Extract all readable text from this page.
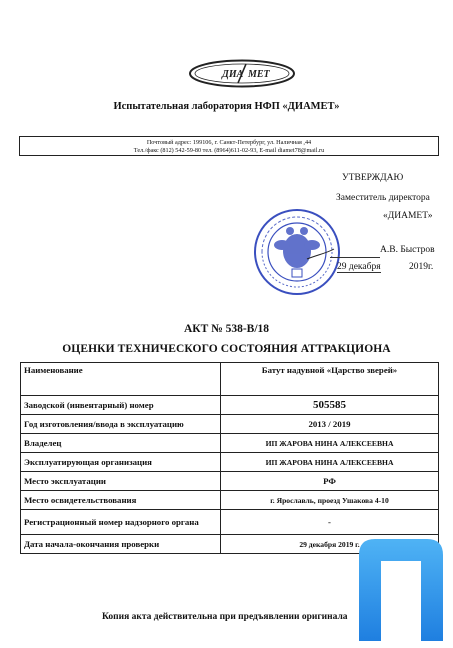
ДИА МЕТ
Испытательная лаборатория НФП «ДИАМЕТ»
Почтовый адрес: 199106, г. Санкт-Петербург, ул. Наличная ,44
Тел./факс (812) 542-59-80 тел. (8964)611-02-93, E-mail diamet78@mail.ru
УТВЕРЖДАЮ
Заместитель директора
«ДИАМЕТ»
А.В. Быстров
29 декабря	2019г.
АКТ № 538-В/18
ОЦЕНКИ ТЕХНИЧЕСКОГО СОСТОЯНИЯ АТТРАКЦИОНА
Наименование	Батут надувной «Царство зверей»
Заводской (инвентарный) номер	505585
Год изготовления/ввода в эксплуатацию	2013 / 2019
Владелец	ИП ЖАРОВА НИНА АЛЕКСЕЕВНА
Эксплуатирующая организация	ИП ЖАРОВА НИНА АЛЕКСЕЕВНА
Место эксплуатации	РФ
Место освидетельствования	г. Ярославль, проезд Ушакова 4-10
Регистрационный номер надзорного органа	-
Дата начала-окончания проверки	29 декабря 2019 г.
Копия акта действительна при предъявлении оригинала
